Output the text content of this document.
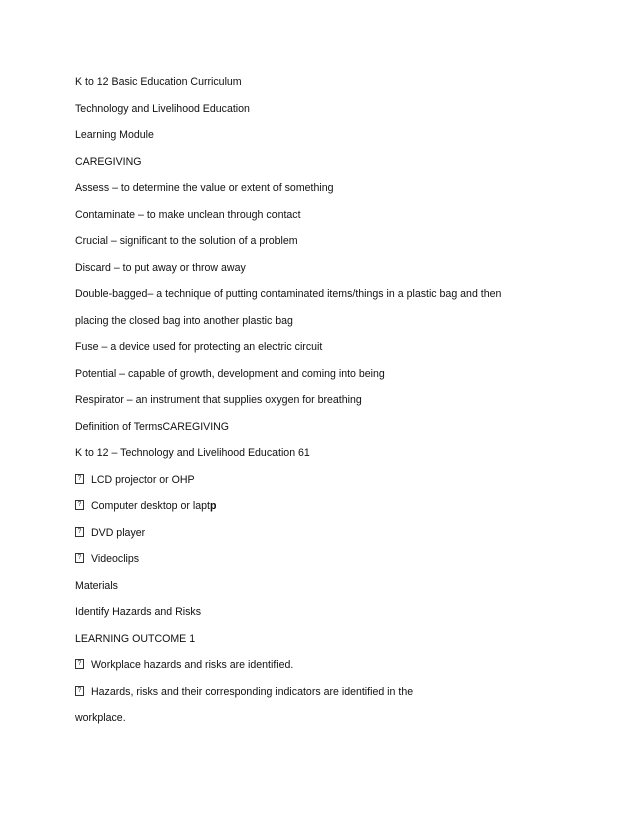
K to 12 Basic Education Curriculum
Technology and Livelihood Education
Learning Module
CAREGIVING
Assess – to determine the value or extent of something
Contaminate – to make unclean through contact
Crucial – significant to the solution of a problem
Discard – to put away or throw away
Double-bagged– a technique of putting contaminated items/things in a plastic bag and then
placing the closed bag into another plastic bag
Fuse – a device used for protecting an electric circuit
Potential – capable of growth, development and coming into being
Respirator – an instrument that supplies oxygen for breathing
Definition of TermsCAREGIVING
K to 12 – Technology and Livelihood Education 61
?LCD projector or OHP
?Computer desktop or laptp
?DVD player
?Videoclips
Materials
Identify Hazards and Risks
LEARNING OUTCOME 1
?Workplace hazards and risks are identified.
?Hazards, risks and their corresponding indicators are identified in the
workplace.
